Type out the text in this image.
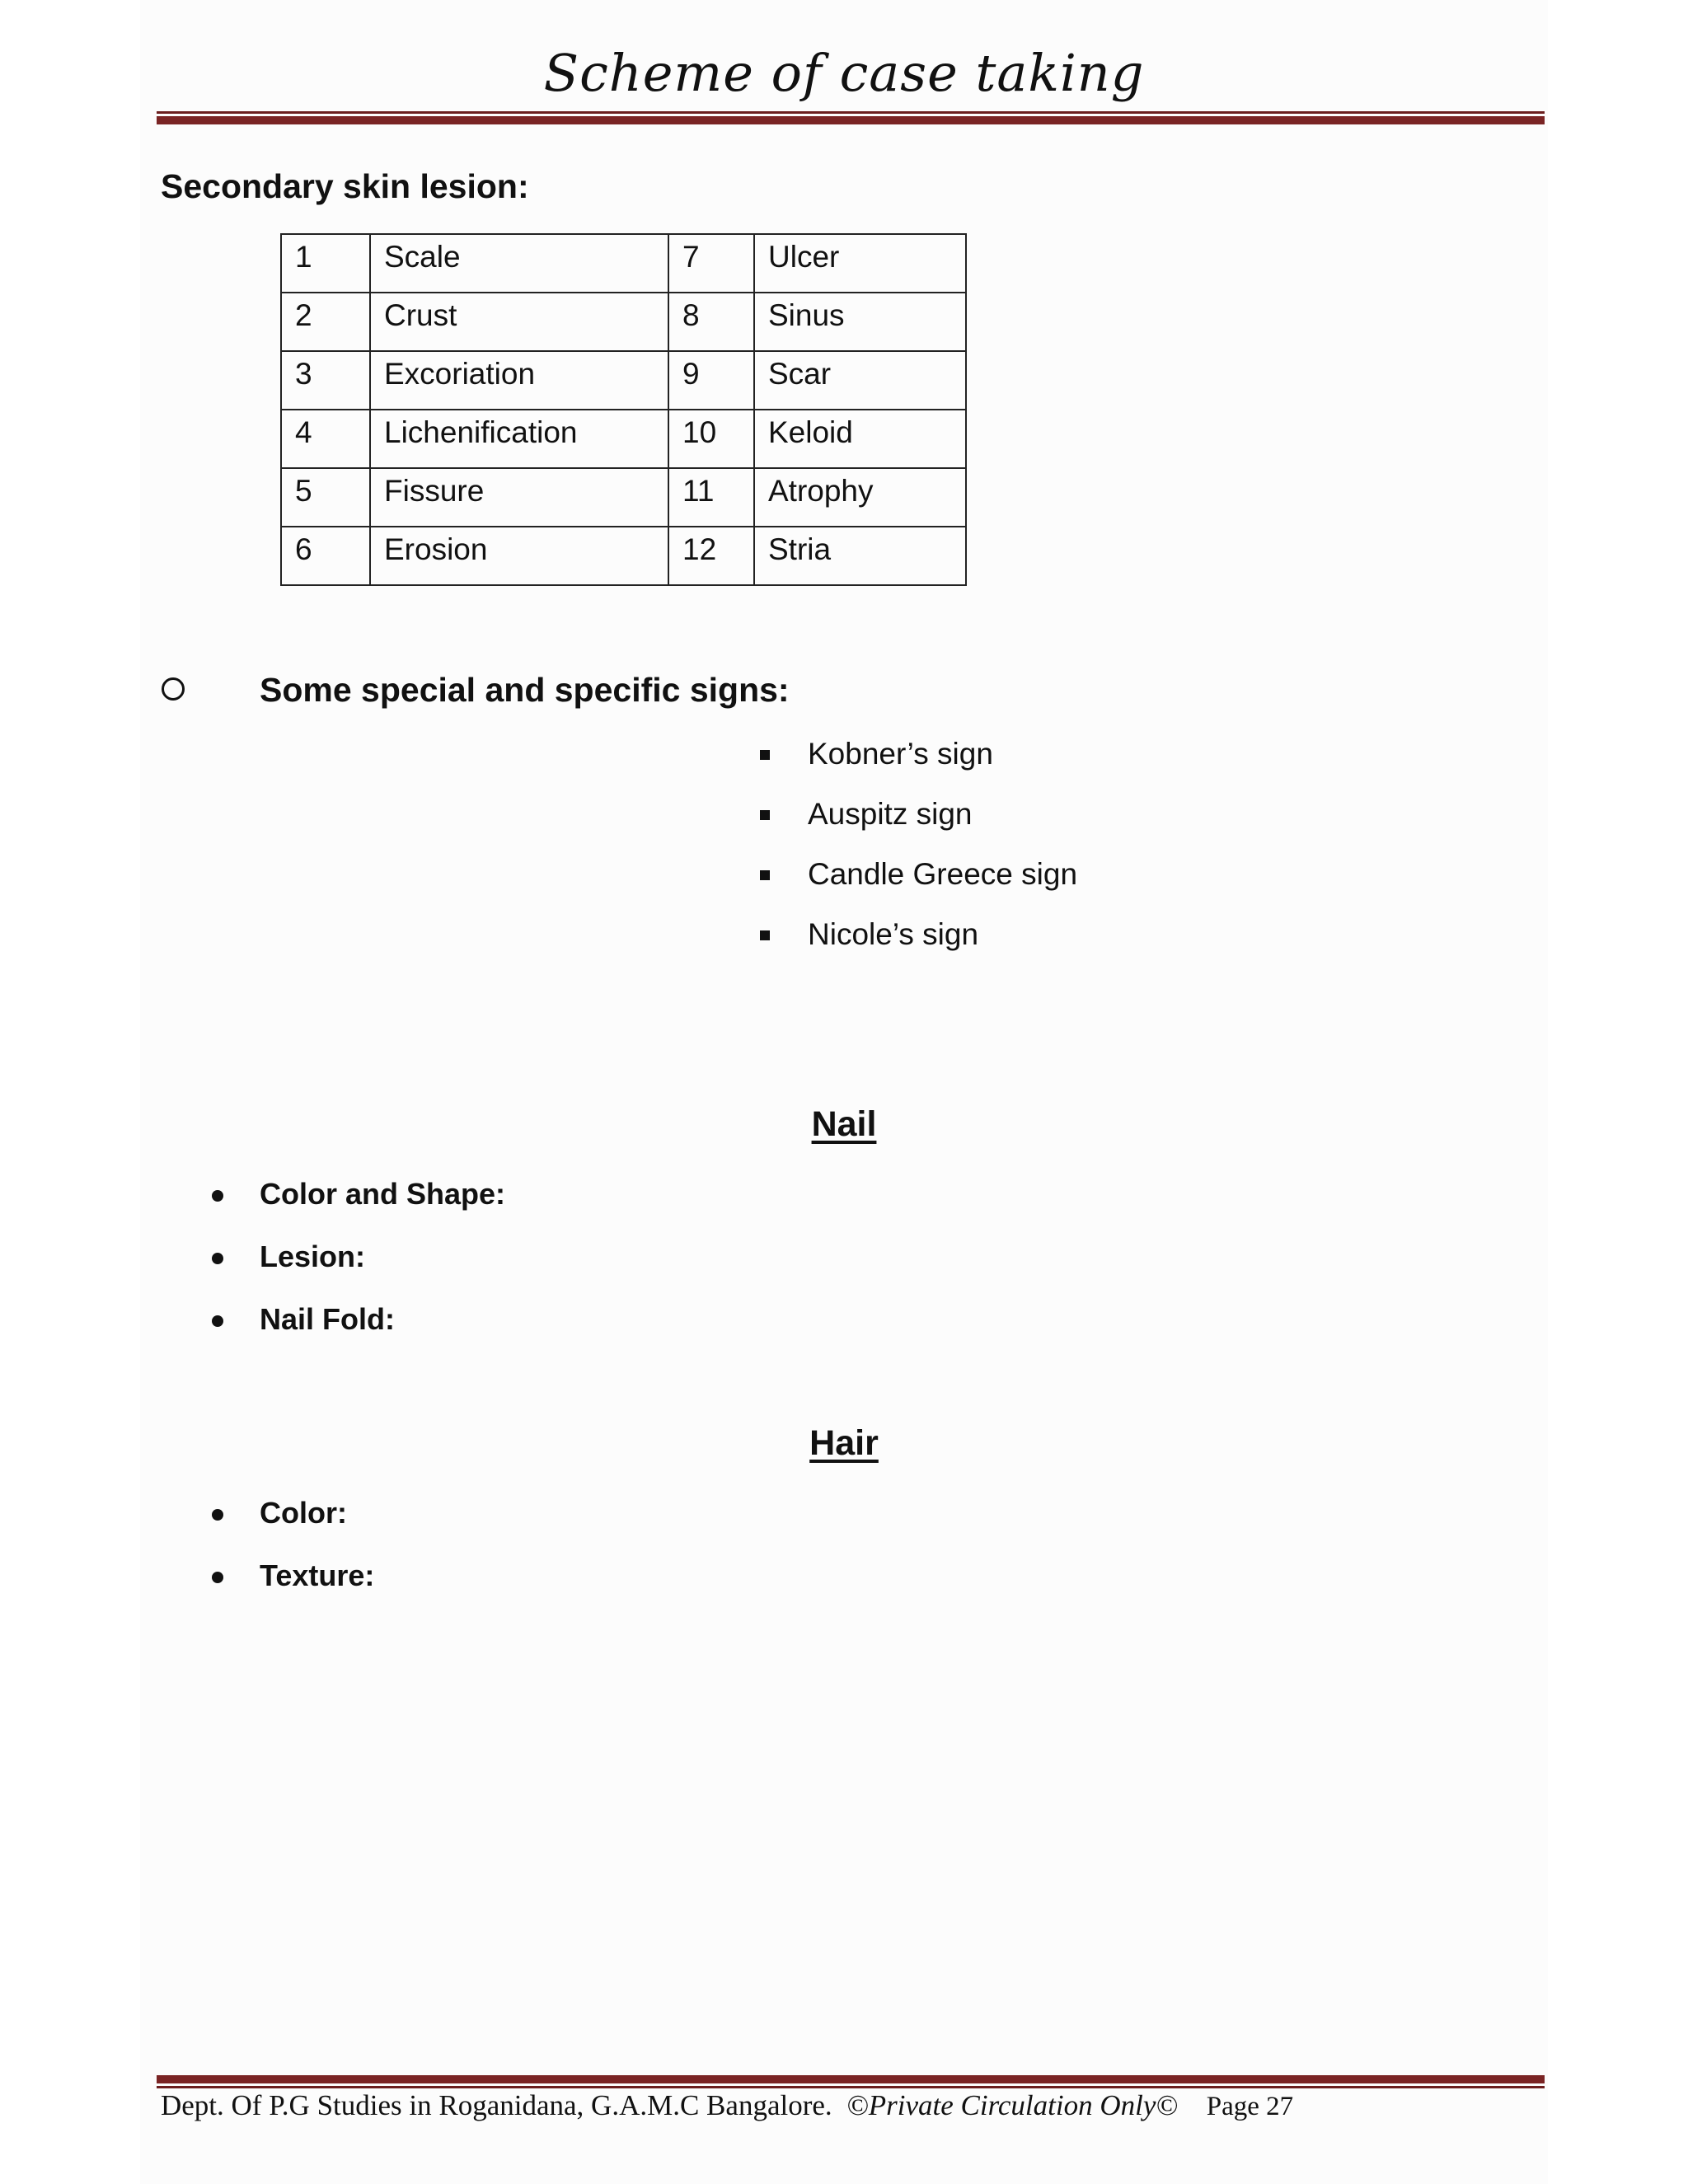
Scheme of case taking
Secondary skin lesion:
1	Scale	7	Ulcer
2	Crust	8	Sinus
3	Excoriation	9	Scar
4	Lichenification	10	Keloid
5	Fissure	11	Atrophy
6	Erosion	12	Stria
Some special and specific signs:
Kobner’s sign
Auspitz sign
Candle Greece sign
Nicole’s sign
Nail
Color and Shape:
Lesion:
Nail Fold:
Hair
Color:
Texture:
Dept. Of P.G Studies in Roganidana, G.A.M.C Bangalore. ©Private Circulation Only© Page 27
